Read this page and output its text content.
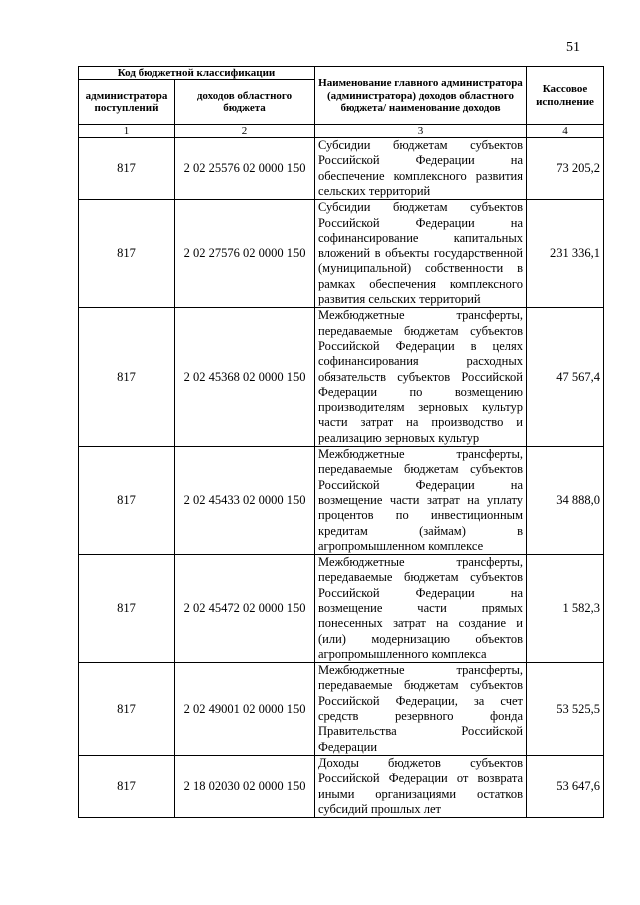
51
Код бюджетной классификации		Наименование главного администратора (администратора) доходов областного бюджета/ наименование доходов	Кассовое исполнение
администратора поступлений	доходов областного бюджета		
1	2	3	4
817	2 02 25576 02 0000 150	Субсидии бюджетам субъектов Российской Федерации на обеспечение комплексного развития сельских территорий	73 205,2
817	2 02 27576 02 0000 150	Субсидии бюджетам субъектов Российской Федерации на софинансирование капитальных вложений в объекты государственной (муниципальной) собственности в рамках обеспечения комплексного развития сельских территорий	231 336,1
817	2 02 45368 02 0000 150	Межбюджетные трансферты, передаваемые бюджетам субъектов Российской Федерации в целях софинансирования расходных обязательств субъектов Российской Федерации по возмещению производителям зерновых культур части затрат на производство и реализацию зерновых культур	47 567,4
817	2 02 45433 02 0000 150	Межбюджетные трансферты, передаваемые бюджетам субъектов Российской Федерации на возмещение части затрат на уплату процентов по инвестиционным кредитам (займам) в агропромышленном комплексе	34 888,0
817	2 02 45472 02 0000 150	Межбюджетные трансферты, передаваемые бюджетам субъектов Российской Федерации на возмещение части прямых понесенных затрат на создание и (или) модернизацию объектов агропромышленного комплекса	1 582,3
817	2 02 49001 02 0000 150	Межбюджетные трансферты, передаваемые бюджетам субъектов Российской Федерации, за счет средств резервного фонда Правительства Российской Федерации	53 525,5
817	2 18 02030 02 0000 150	Доходы бюджетов субъектов Российской Федерации от возврата иными организациями остатков субсидий прошлых лет	53 647,6
